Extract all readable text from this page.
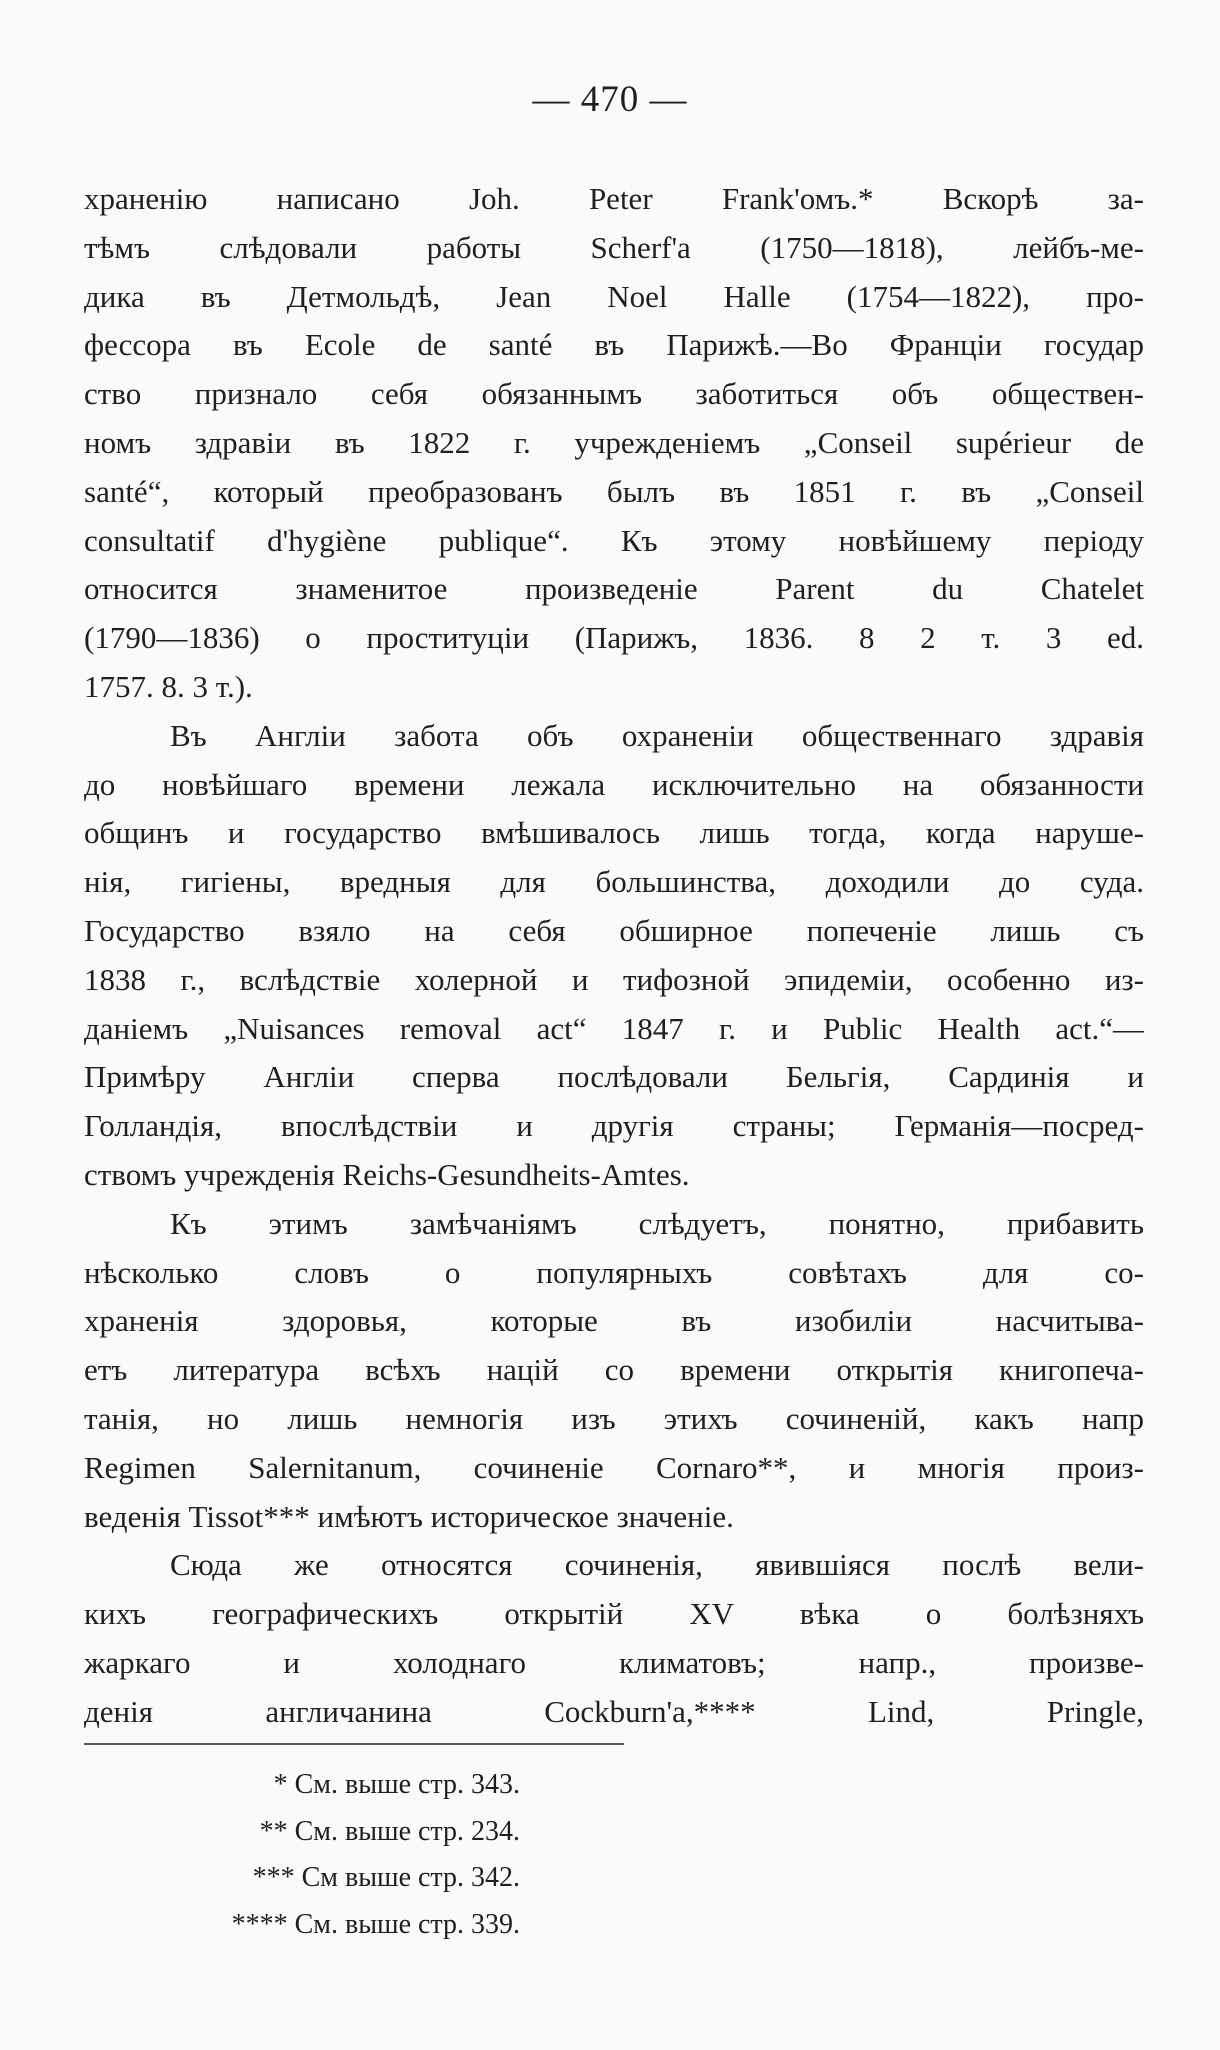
— 470 —
храненію написано Joh. Peter Frank'омъ.* Вскорѣ за-
тѣмъ слѣдовали работы Scherf'a (1750—1818), лейбъ-ме-
дика въ Детмольдѣ, Jean Noel Halle (1754—1822), про-
фессора въ Ecole de santé въ Парижѣ.—Во Франціи государ
ство признало себя обязаннымъ заботиться объ обществен-
номъ здравіи въ 1822 г. учрежденіемъ „Conseil supérieur de
santé“, который преобразованъ былъ въ 1851 г. въ „Conseil
consultatif d'hygiène publique“. Къ этому новѣйшему періоду
относится знаменитое произведеніе Parent du Chatelet
(1790—1836) о проституціи (Парижъ, 1836. 8 2 т. 3 ed.
1757. 8. 3 т.).
Въ Англіи забота объ охраненіи общественнаго здравія
до новѣйшаго времени лежала исключительно на обязанности
общинъ и государство вмѣшивалось лишь тогда, когда наруше-
нія, гигіены, вредныя для большинства, доходили до суда.
Государство взяло на себя обширное попеченіе лишь съ
1838 г., вслѣдствіе холерной и тифозной эпидеміи, особенно из-
даніемъ „Nuisances removal act“ 1847 г. и Public Health act.“—
Примѣру Англіи сперва послѣдовали Бельгія, Сардинія и
Голландія, впослѣдствіи и другія страны; Германія—посред-
ствомъ учрежденія Reichs-Gesundheits-Amtes.
Къ этимъ замѣчаніямъ слѣдуетъ, понятно, прибавить
нѣсколько словъ о популярныхъ совѣтахъ для со-
храненія здоровья, которые въ изобиліи насчитыва-
етъ литература всѣхъ націй со времени открытія книгопеча-
танія, но лишь немногія изъ этихъ сочиненій, какъ напр
Regimen Salernitanum, сочиненіе Cornaro**, и многія произ-
веденія Tissot*** имѣютъ историческое значеніе.
Сюда же относятся сочиненія, явившіяся послѣ вели-
кихъ географическихъ открытій XV вѣка о болѣзняхъ
жаркаго и холоднаго климатовъ; напр., произве-
денія англичанина Cockburn'a,**** Lind, Pringle,
* См. выше стр. 343.
** См. выше стр. 234.
*** См выше стр. 342.
**** См. выше стр. 339.
